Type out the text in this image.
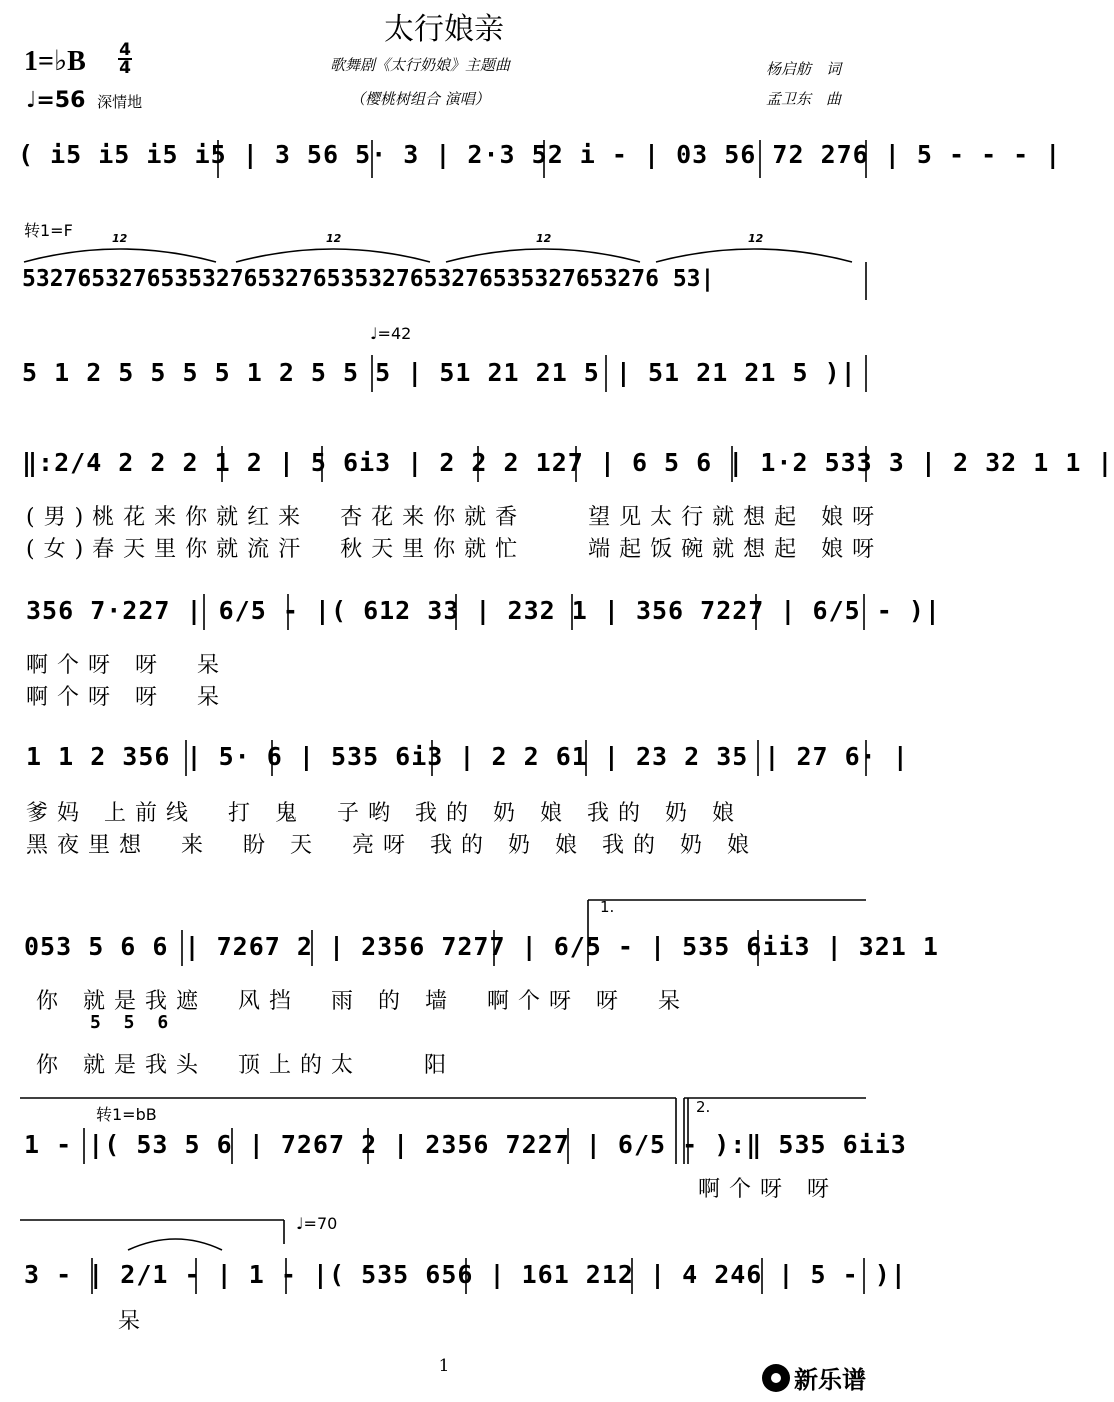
太行娘亲
1=♭B 4
4
♩=56 深情地
歌舞剧《太行奶娘》主题曲
（樱桃树组合 演唱）
杨启舫　词
孟卫东　曲
( i5 i5 i5 i5 | 3 56 5· 3 | 2·3 52 i - | 03 56 72 276 | 5 - - - |
转1=F	12	12	12	12
5327653276535327653276535327653276535327653276 53|
♩=42
5 1 2 5 5 5 5 1 2 5 5 5 | 51 21 21 5 | 51 21 21 5 )|
‖:2/4 2 2 2 1 2 | 5 6i3 | 2 2 2 127 | 6 5 6 | 1·2 533 3 | 2 32 1 1 |
(男)桃花来你就红来　杏花来你就香　　望见太行就想起 娘呀
(女)春天里你就流汗　秋天里你就忙　　端起饭碗就想起 娘呀
356 7·227 | 6/5 - |( 612 33 | 232 1 | 356 7227 | 6/5 - )|
啊个呀 呀　呆
啊个呀 呀　呆
1 1 2 356 | 5· 6 | 535 6i3 | 2 2 61 | 23 2 35 | 27 6· |
爹妈 上前线　打 鬼　子哟 我的 奶 娘 我的 奶 娘
黑夜里想　来　盼 天　亮呀 我的 奶 娘 我的 奶 娘
1.
053 5 6 6 | 7267 2 | 2356 7277 | 6/5 - | 535 6ii3 | 321 1
你 就是我遮　风挡　雨 的 墙　啊个呀 呀　呆
5 5 6
你 就是我头　顶上的太　　阳
转1=bB	2.
1 - |( 53 5 6 | 7267 2 | 2356 7227 | 6/5 - ):‖ 535 6ii3
啊个呀 呀
♩=70
3 - | 2/1 - | 1 - |( 535 656 | 161 212 | 4 246 | 5 - )|
呆
1	新乐谱
